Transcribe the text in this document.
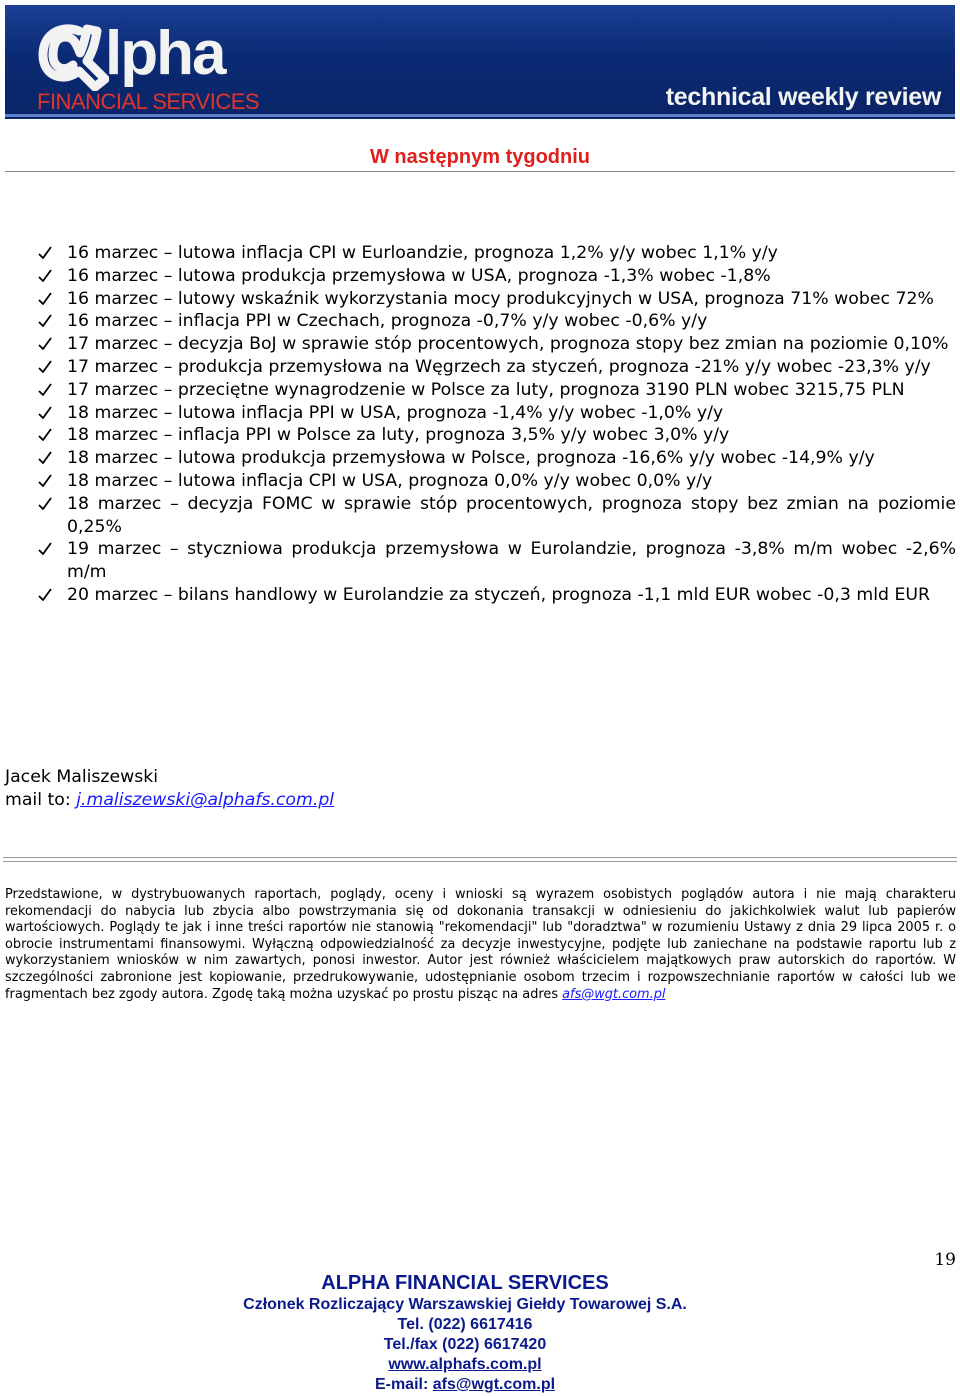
lpha
FINANCIAL SERVICES	technical weekly review
W następnym tygodniu
16 marzec – lutowa inflacja CPI w Eurloandzie, prognoza 1,2% y/y wobec 1,1% y/y
16 marzec – lutowa produkcja przemysłowa w USA, prognoza -1,3% wobec -1,8%
16 marzec – lutowy wskaźnik wykorzystania mocy produkcyjnych w USA, prognoza 71% wobec 72%
16 marzec – inflacja PPI w Czechach, prognoza -0,7% y/y wobec -0,6% y/y
17 marzec – decyzja BoJ w sprawie stóp procentowych, prognoza stopy bez zmian na poziomie 0,10%
17 marzec – produkcja przemysłowa na Węgrzech za styczeń, prognoza -21% y/y wobec -23,3% y/y
17 marzec – przeciętne wynagrodzenie w Polsce za luty, prognoza 3190 PLN wobec 3215,75 PLN
18 marzec – lutowa inflacja PPI w USA, prognoza -1,4% y/y wobec -1,0% y/y
18 marzec – inflacja PPI w Polsce za luty, prognoza 3,5% y/y wobec 3,0% y/y
18 marzec – lutowa produkcja przemysłowa w Polsce, prognoza -16,6% y/y wobec -14,9% y/y
18 marzec – lutowa inflacja CPI w USA, prognoza 0,0% y/y wobec 0,0% y/y
18 marzec – decyzja FOMC w sprawie stóp procentowych, prognoza stopy bez zmian na poziomie 0,25%
19 marzec – styczniowa produkcja przemysłowa w Eurolandzie, prognoza -3,8% m/m wobec -2,6% m/m
20 marzec – bilans handlowy w Eurolandzie za styczeń, prognoza -1,1 mld EUR wobec -0,3 mld EUR
Jacek Maliszewski
mail to: j.maliszewski@alphafs.com.pl
Przedstawione, w dystrybuowanych raportach, poglądy, oceny i wnioski są wyrazem osobistych poglądów autora i nie mają charakteru rekomendacji do nabycia lub zbycia albo powstrzymania się od dokonania transakcji w odniesieniu do jakichkolwiek walut lub papierów wartościowych. Poglądy te jak i inne treści raportów nie stanowią "rekomendacji" lub "doradztwa" w rozumieniu Ustawy z dnia 29 lipca 2005 r. o obrocie instrumentami finansowymi. Wyłączną odpowiedzialność za decyzje inwestycyjne, podjęte lub zaniechane na podstawie raportu lub z wykorzystaniem wniosków w nim zawartych, ponosi inwestor. Autor jest również właścicielem majątkowych praw autorskich do raportów. W szczególności zabronione jest kopiowanie, przedrukowywanie, udostępnianie osobom trzecim i rozpowszechnianie raportów w całości lub we fragmentach bez zgody autora. Zgodę taką można uzyskać po prostu pisząc na adres afs@wgt.com.pl
19
ALPHA FINANCIAL SERVICES
Członek Rozliczający Warszawskiej Giełdy Towarowej S.A.
Tel. (022) 6617416
Tel./fax (022) 6617420
www.alphafs.com.pl
E-mail: afs@wgt.com.pl
